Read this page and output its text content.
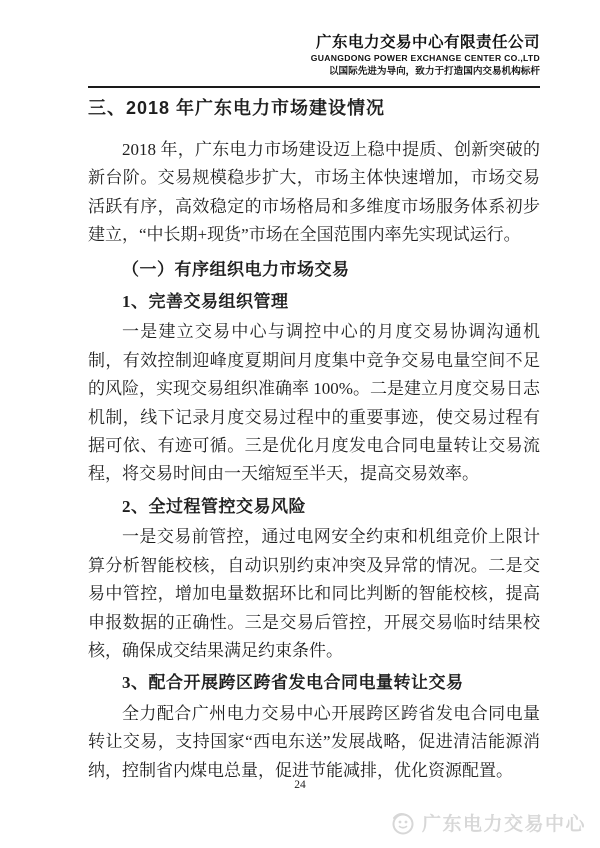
广东电力交易中心有限责任公司
GUANGDONG POWER EXCHANGE CENTER CO.,LTD
以国际先进为导向，致力于打造国内交易机构标杆
三、2018 年广东电力市场建设情况

2018 年，广东电力市场建设迈上稳中提质、创新突破的新台阶。交易规模稳步扩大，市场主体快速增加，市场交易活跃有序，高效稳定的市场格局和多维度市场服务体系初步建立，“中长期+现货”市场在全国范围内率先实现试运行。

（一）有序组织电力市场交易
1、完善交易组织管理

一是建立交易中心与调控中心的月度交易协调沟通机制，有效控制迎峰度夏期间月度集中竞争交易电量空间不足的风险，实现交易组织准确率 100%。二是建立月度交易日志机制，线下记录月度交易过程中的重要事迹，使交易过程有据可依、有迹可循。三是优化月度发电合同电量转让交易流程，将交易时间由一天缩短至半天，提高交易效率。

2、全过程管控交易风险

一是交易前管控，通过电网安全约束和机组竞价上限计算分析智能校核，自动识别约束冲突及异常的情况。二是交易中管控，增加电量数据环比和同比判断的智能校核，提高申报数据的正确性。三是交易后管控，开展交易临时结果校核，确保成交结果满足约束条件。

3、配合开展跨区跨省发电合同电量转让交易

全力配合广州电力交易中心开展跨区跨省发电合同电量转让交易，支持国家“西电东送”发展战略，促进清洁能源消纳，控制省内煤电总量，促进节能减排，优化资源配置。

24
广东电力交易中心
